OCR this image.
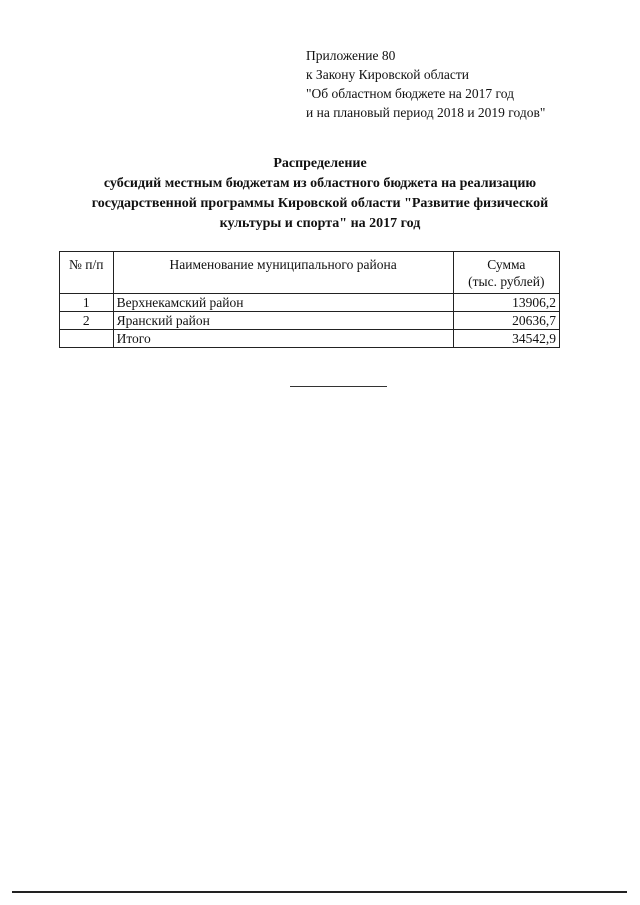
Приложение 80
к Закону Кировской области
"Об областном бюджете на 2017 год
и на плановый период 2018 и 2019 годов"
Распределение
субсидий местным бюджетам из областного бюджета на реализацию
государственной программы Кировской области "Развитие физической
культуры и спорта" на 2017 год
№ п/п	Наименование муниципального района	Сумма
(тыс. рублей)

1	Верхнекамский район	13906,2
2	Яранский район	20636,7
	Итого	34542,9
